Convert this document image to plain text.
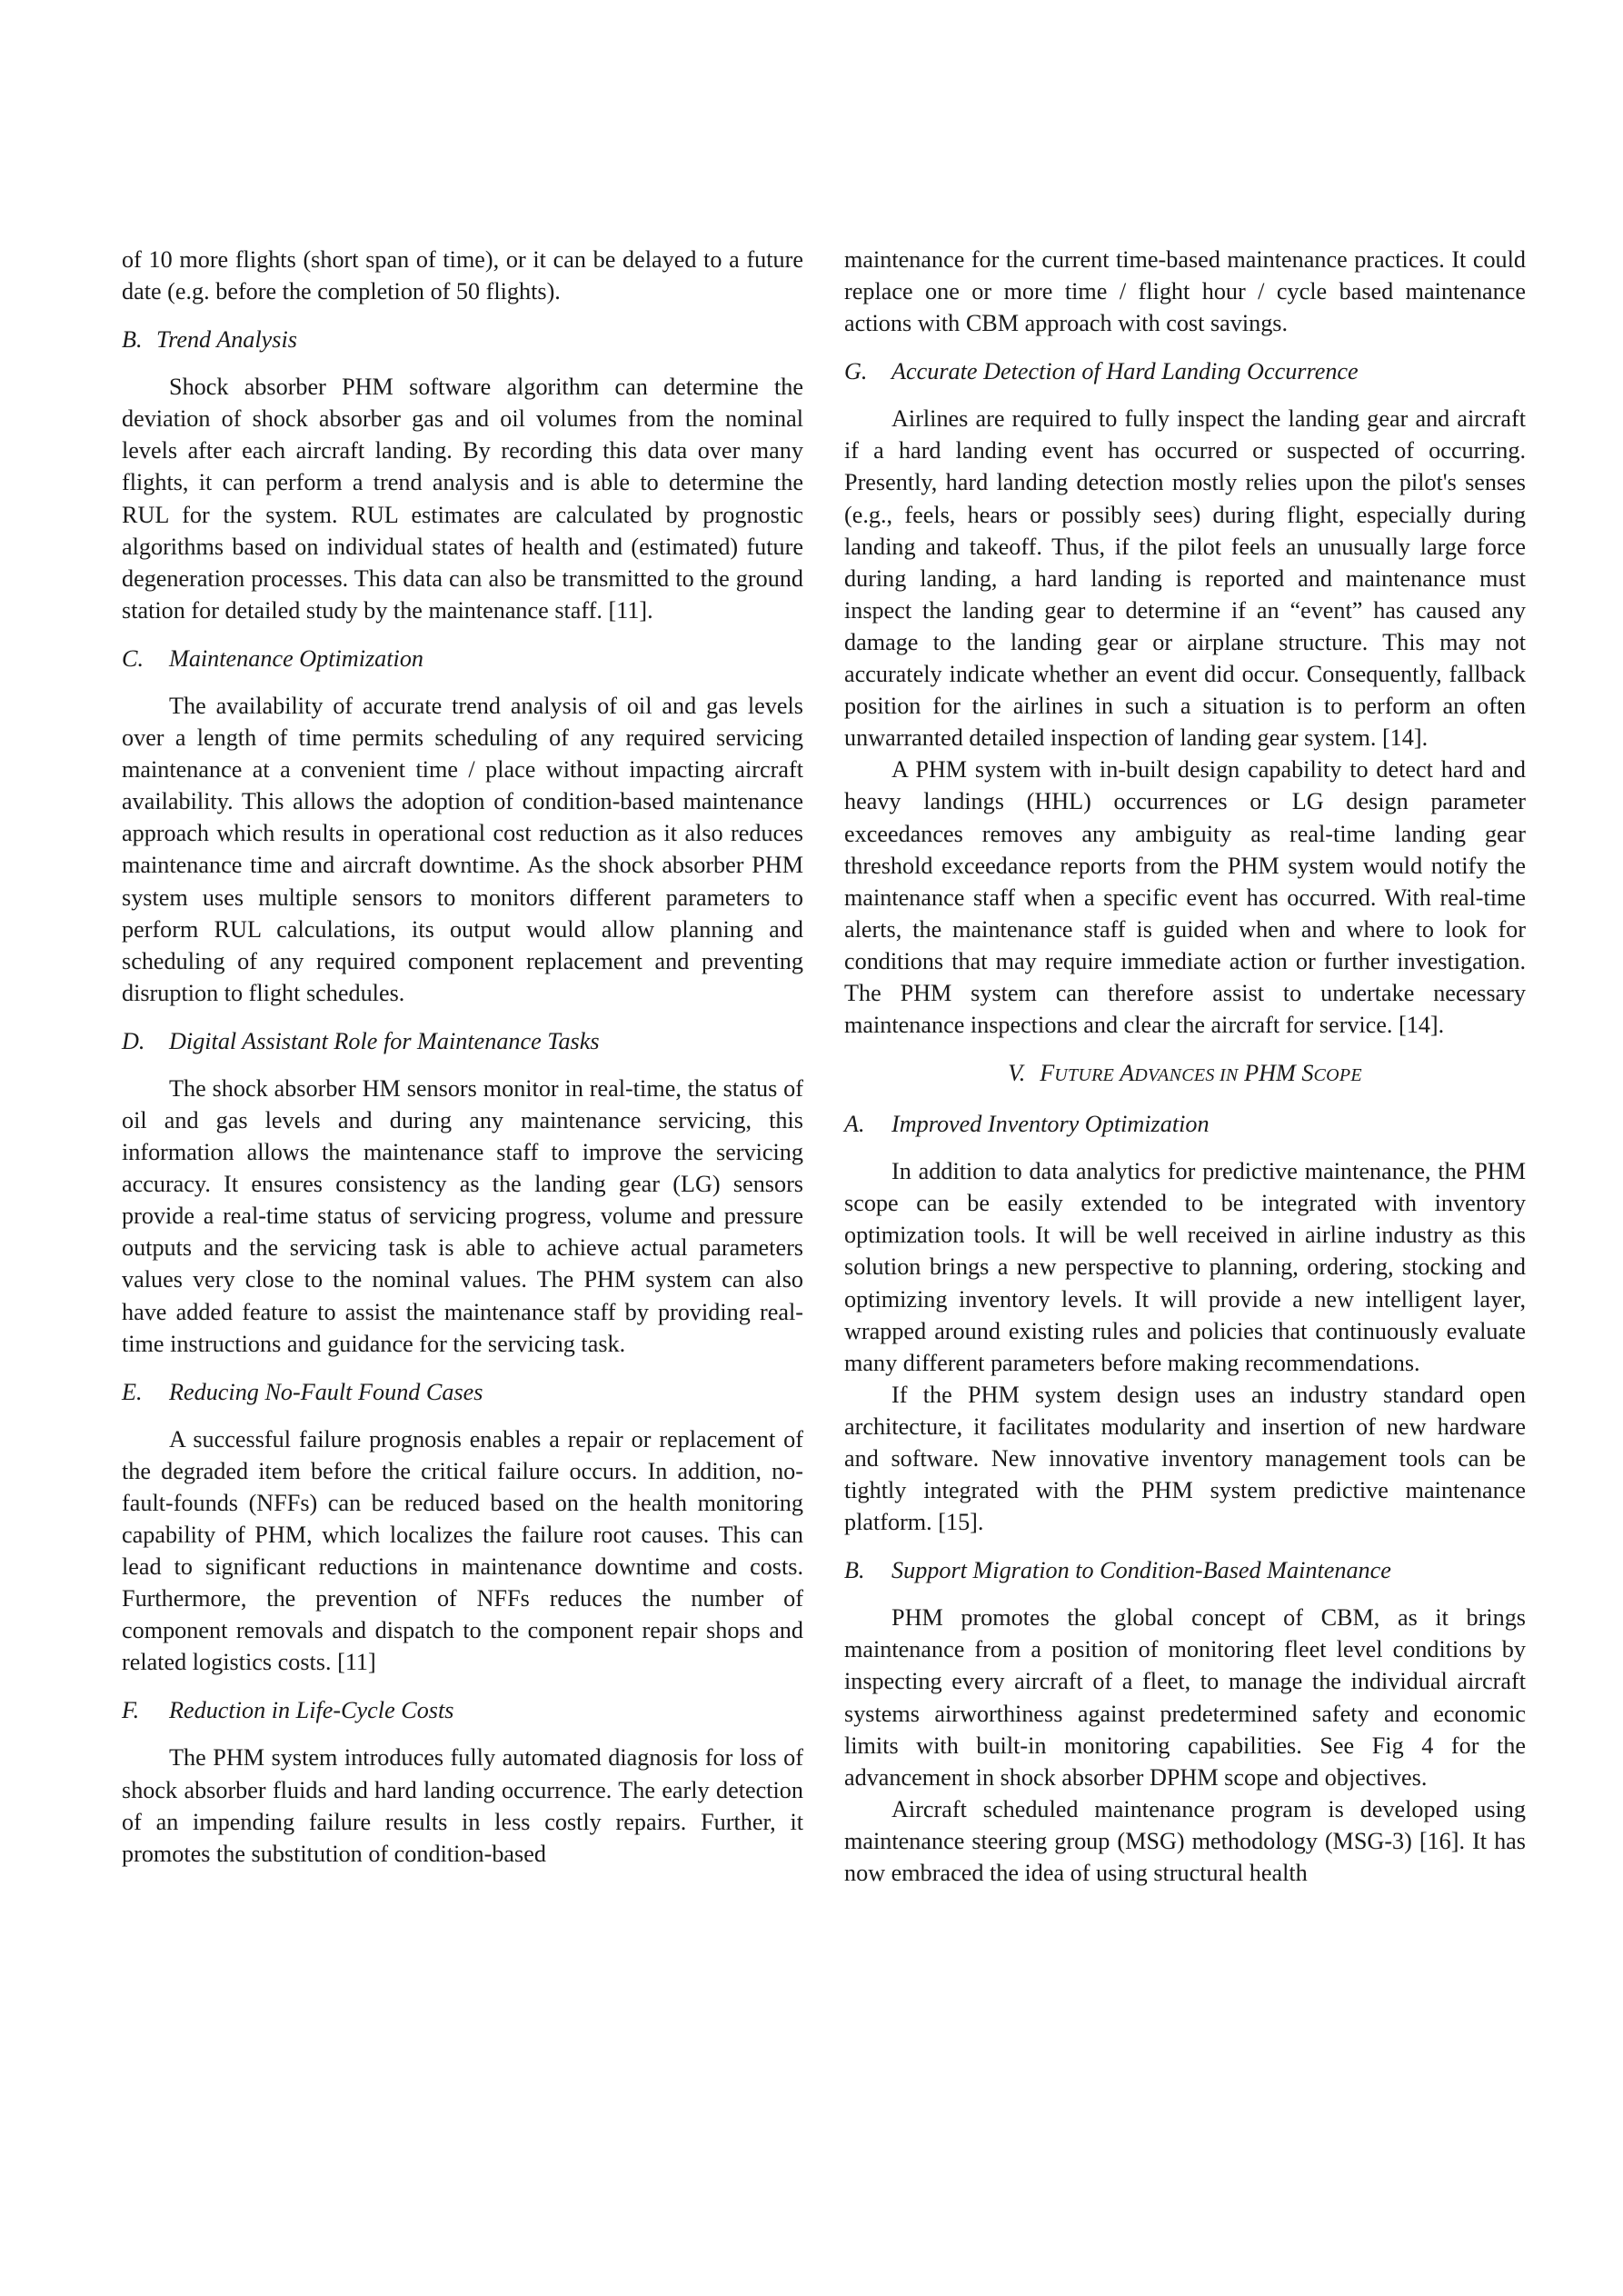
of 10 more flights (short span of time), or it can be delayed to a future date (e.g. before the completion of 50 flights).

B. Trend Analysis

Shock absorber PHM software algorithm can determine the deviation of shock absorber gas and oil volumes from the nominal levels after each aircraft landing. By recording this data over many flights, it can perform a trend analysis and is able to determine the RUL for the system. RUL estimates are calculated by prognostic algorithms based on individual states of health and (estimated) future degeneration processes. This data can also be transmitted to the ground station for detailed study by the maintenance staff. [11].

C. Maintenance Optimization

The availability of accurate trend analysis of oil and gas levels over a length of time permits scheduling of any required servicing maintenance at a convenient time / place without impacting aircraft availability. This allows the adoption of condition-based maintenance approach which results in operational cost reduction as it also reduces maintenance time and aircraft downtime. As the shock absorber PHM system uses multiple sensors to monitors different parameters to perform RUL calculations, its output would allow planning and scheduling of any required component replacement and preventing disruption to flight schedules.

D. Digital Assistant Role for Maintenance Tasks

The shock absorber HM sensors monitor in real-time, the status of oil and gas levels and during any maintenance servicing, this information allows the maintenance staff to improve the servicing accuracy. It ensures consistency as the landing gear (LG) sensors provide a real-time status of servicing progress, volume and pressure outputs and the servicing task is able to achieve actual parameters values very close to the nominal values. The PHM system can also have added feature to assist the maintenance staff by providing real-time instructions and guidance for the servicing task.

E. Reducing No-Fault Found Cases

A successful failure prognosis enables a repair or replacement of the degraded item before the critical failure occurs. In addition, no-fault-founds (NFFs) can be reduced based on the health monitoring capability of PHM, which localizes the failure root causes. This can lead to significant reductions in maintenance downtime and costs. Furthermore, the prevention of NFFs reduces the number of component removals and dispatch to the component repair shops and related logistics costs. [11]

F. Reduction in Life-Cycle Costs

The PHM system introduces fully automated diagnosis for loss of shock absorber fluids and hard landing occurrence. The early detection of an impending failure results in less costly repairs. Further, it promotes the substitution of condition-based

maintenance for the current time-based maintenance practices. It could replace one or more time / flight hour / cycle based maintenance actions with CBM approach with cost savings.

G. Accurate Detection of Hard Landing Occurrence

Airlines are required to fully inspect the landing gear and aircraft if a hard landing event has occurred or suspected of occurring. Presently, hard landing detection mostly relies upon the pilot's senses (e.g., feels, hears or possibly sees) during flight, especially during landing and takeoff. Thus, if the pilot feels an unusually large force during landing, a hard landing is reported and maintenance must inspect the landing gear to determine if an “event” has caused any damage to the landing gear or airplane structure. This may not accurately indicate whether an event did occur. Consequently, fallback position for the airlines in such a situation is to perform an often unwarranted detailed inspection of landing gear system. [14].

A PHM system with in-built design capability to detect hard and heavy landings (HHL) occurrences or LG design parameter exceedances removes any ambiguity as real-time landing gear threshold exceedance reports from the PHM system would notify the maintenance staff when a specific event has occurred. With real-time alerts, the maintenance staff is guided when and where to look for conditions that may require immediate action or further investigation. The PHM system can therefore assist to undertake necessary maintenance inspections and clear the aircraft for service. [14].

V. FUTURE ADVANCES IN PHM SCOPE
A. Improved Inventory Optimization

In addition to data analytics for predictive maintenance, the PHM scope can be easily extended to be integrated with inventory optimization tools. It will be well received in airline industry as this solution brings a new perspective to planning, ordering, stocking and optimizing inventory levels. It will provide a new intelligent layer, wrapped around existing rules and policies that continuously evaluate many different parameters before making recommendations.

If the PHM system design uses an industry standard open architecture, it facilitates modularity and insertion of new hardware and software. New innovative inventory management tools can be tightly integrated with the PHM system predictive maintenance platform. [15].

B. Support Migration to Condition-Based Maintenance

PHM promotes the global concept of CBM, as it brings maintenance from a position of monitoring fleet level conditions by inspecting every aircraft of a fleet, to manage the individual aircraft systems airworthiness against predetermined safety and economic limits with built-in monitoring capabilities. See Fig 4 for the advancement in shock absorber DPHM scope and objectives.

Aircraft scheduled maintenance program is developed using maintenance steering group (MSG) methodology (MSG-3) [16]. It has now embraced the idea of using structural health
